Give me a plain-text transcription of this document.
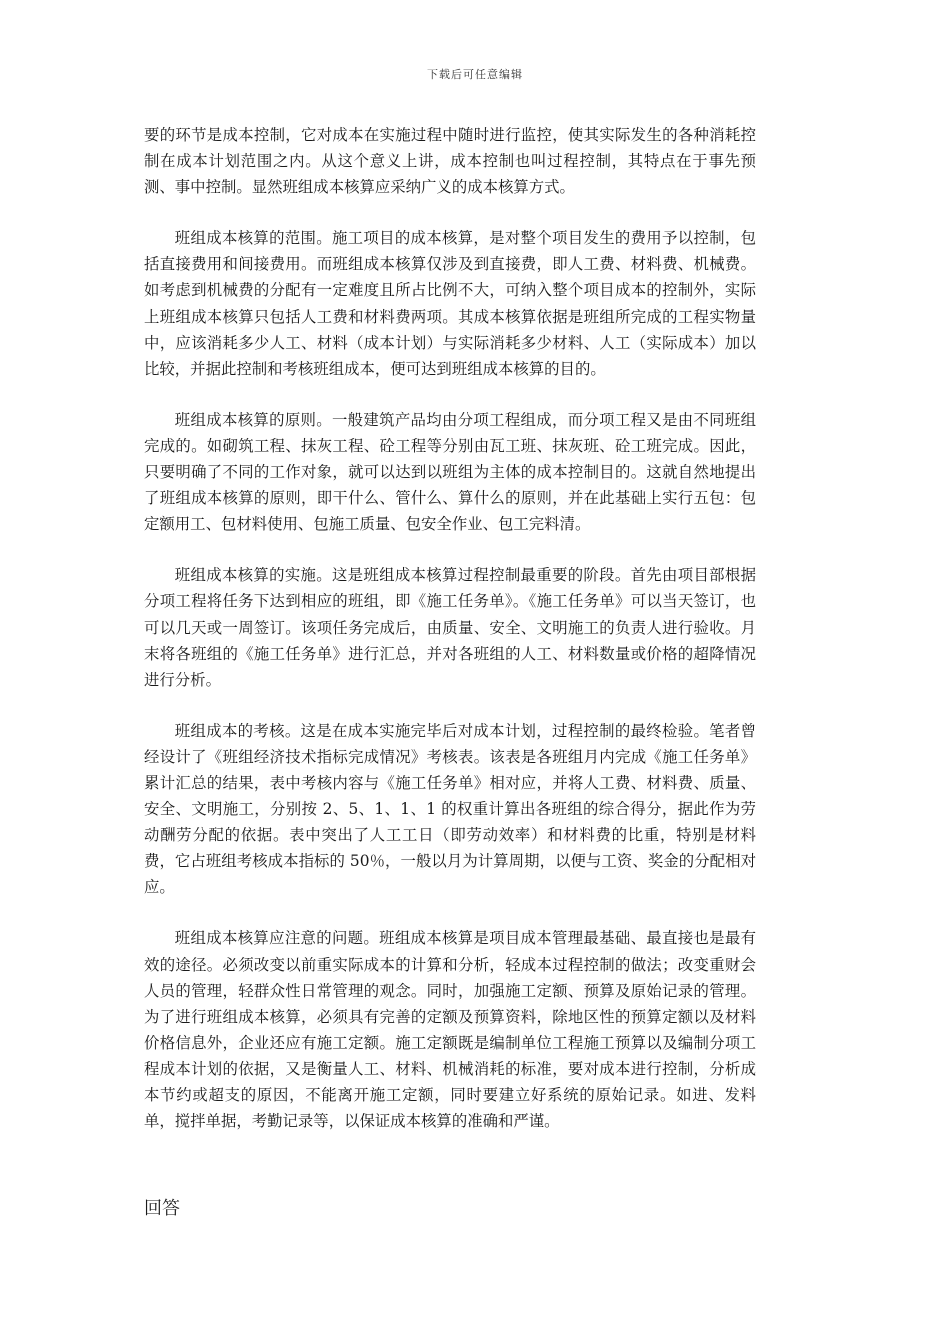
下载后可任意编辑

要的环节是成本控制，它对成本在实施过程中随时进行监控，使其实际发生的各种消耗控制在成本计划范围之内。从这个意义上讲，成本控制也叫过程控制，其特点在于事先预测、事中控制。显然班组成本核算应采纳广义的成本核算方式。

班组成本核算的范围。施工项目的成本核算，是对整个项目发生的费用予以控制，包括直接费用和间接费用。而班组成本核算仅涉及到直接费，即人工费、材料费、机械费。如考虑到机械费的分配有一定难度且所占比例不大，可纳入整个项目成本的控制外，实际上班组成本核算只包括人工费和材料费两项。其成本核算依据是班组所完成的工程实物量中，应该消耗多少人工、材料（成本计划）与实际消耗多少材料、人工（实际成本）加以比较，并据此控制和考核班组成本，便可达到班组成本核算的目的。

班组成本核算的原则。一般建筑产品均由分项工程组成，而分项工程又是由不同班组完成的。如砌筑工程、抹灰工程、砼工程等分别由瓦工班、抹灰班、砼工班完成。因此，只要明确了不同的工作对象，就可以达到以班组为主体的成本控制目的。这就自然地提出了班组成本核算的原则，即干什么、管什么、算什么的原则，并在此基础上实行五包：包定额用工、包材料使用、包施工质量、包安全作业、包工完料清。

班组成本核算的实施。这是班组成本核算过程控制最重要的阶段。首先由项目部根据分项工程将任务下达到相应的班组，即《施工任务单》。《施工任务单》可以当天签订，也可以几天或一周签订。该项任务完成后，由质量、安全、文明施工的负责人进行验收。月末将各班组的《施工任务单》进行汇总，并对各班组的人工、材料数量或价格的超降情况进行分析。

班组成本的考核。这是在成本实施完毕后对成本计划，过程控制的最终检验。笔者曾经设计了《班组经济技术指标完成情况》考核表。该表是各班组月内完成《施工任务单》累计汇总的结果，表中考核内容与《施工任务单》相对应，并将人工费、材料费、质量、安全、文明施工，分别按 2、5、1、1、1 的权重计算出各班组的综合得分，据此作为劳动酬劳分配的依据。表中突出了人工工日（即劳动效率）和材料费的比重，特别是材料费，它占班组考核成本指标的 50％，一般以月为计算周期，以便与工资、奖金的分配相对应。

班组成本核算应注意的问题。班组成本核算是项目成本管理最基础、最直接也是最有效的途径。必须改变以前重实际成本的计算和分析，轻成本过程控制的做法；改变重财会人员的管理，轻群众性日常管理的观念。同时，加强施工定额、预算及原始记录的管理。为了进行班组成本核算，必须具有完善的定额及预算资料，除地区性的预算定额以及材料价格信息外，企业还应有施工定额。施工定额既是编制单位工程施工预算以及编制分项工程成本计划的依据，又是衡量人工、材料、机械消耗的标准，要对成本进行控制，分析成本节约或超支的原因，不能离开施工定额，同时要建立好系统的原始记录。如进、发料单，搅拌单据，考勤记录等，以保证成本核算的准确和严谨。

回答
